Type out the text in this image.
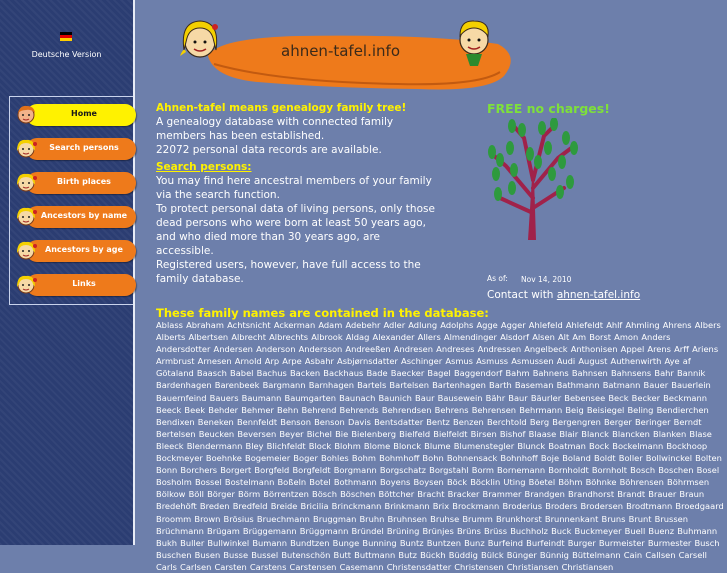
Deutsche Version
Home
Search persons
Birth places
Ancestors by name
Ancestors by age
Links
ahnen-tafel.info
Ahnen-tafel means genealogy family tree!
A genealogy database with connected family members has been established.
22072 personal data records are available.
Search persons:
You may find here ancestral members of your family via the search function.
To protect personal data of living persons, only those dead persons who were born at least 50 years ago, and who died more than 30 years ago, are accessible.
Registered users, however, have full access to the family database.
FREE no charges!
As of: Nov 14, 2010
Contact with ahnen-tafel.info
These family names are contained in the database:
Ablass Abraham Achtsnicht Ackerman Adam Adebehr Adler Adlung Adolphs Agge Agger Ahlefeld Ahlefeldt Ahlf Ahmling Ahrens Albers Alberts Albertsen Albrecht Albrechts Albrook Aldag Alexander Allers Almendinger Alsdorf Alsen Alt Am Borst Amon Anders Andersdotter Andersen Anderson Andersson Andreeßen Andresen Andreses Andressen Angelbeck Anthonisen Appel Arens Arff Ariens Armbrust Arnesen Arnold Arp Arpe Asbahr Asbjørnsdatter Aschinger Asmus Asmuss Asmussen Audi August Authenwirth Aye af Götaland Baasch Babel Bachus Backen Backhaus Bade Baecker Bagel Baggendorf Bahm Bahnens Bahnsen Bahnsens Bahr Bannik Bardenhagen Barenbeek Bargmann Barnhagen Bartels Bartelsen Bartenhagen Barth Baseman Bathmann Batmann Bauer Bauerlein Bauernfeind Bauers Baumann Baumgarten Baunach Baunich Baur Bausewein Bähr Baur Bäurler Bebensee Beck Becker Beckmann Beeck Beek Behder Behmer Behn Behrend Behrends Behrendsen Behrens Behrensen Behrmann Beig Beisiegel Beling Bendierchen Bendixen Beneken Bennfeldt Benson Benson Davis Bentsdatter Bentz Benzen Berchtold Berg Bergengren Berger Beringer Berndt Bertelsen Beucken Beversen Beyer Bichel Bie Bielenberg Bielfeld Bielfeldt Birsen Bishof Blaase Blair Blanck Blancken Blanken Blase Bleeck Blendermann Bley Blichfeldt Block Blohm Blome Blonck Blume Blumenstegler Blunck Boatman Bock Bockelmann Bockhoop Bockmeyer Boehnke Bogemeier Boger Bohles Bohm Bohmhoff Bohn Bohnensack Bohnhoff Boje Boland Boldt Boller Bollwinckel Bolten Bonn Borchers Borgert Borgfeld Borgfeldt Borgmann Borgschatz Borgstahl Borm Bornemann Bornholdt Bornholt Bosch Boschen Bosel Bosholm Bossel Bostelmann Boßeln Botel Bothmann Boyens Boysen Böck Böcklin Uting Böetel Böhm Böhnke Böhrensen Böhrmsen Bölkow Böll Börger Börm Börrentzen Bösch Böschen Böttcher Bracht Bracker Brammer Brandgen Brandhorst Brandt Brauer Braun Bredehöft Breden Bredfeld Breide Bricilia Brinckmann Brinkmann Brix Brockmann Broderius Broders Brodersen Brodtmann Broedgaard Broomm Brown Brösius Bruechmann Bruggman Bruhn Bruhnsen Bruhse Brumm Brunkhorst Brunnenkant Bruns Brunt Brussen Brüchmann Brügam Brüggemann Brüggmann Bründel Brüning Brünjes Brüns Brüss Buchholz Buck Buckmeyer Buell Buenz Buhmann Bukh Buller Bullwinkel Bumann Bundtzen Bunge Bunning Buntz Buntzen Bunz Burfeind Burfeindt Burger Burmeister Burmester Busch Buschen Busen Busse Bussel Butenschön Butt Buttmann Butz Bückh Büddig Bülck Bünger Bünnig Büttelmann Cain Callsen Carsell Carls Carlsen Carsten Carstens Carstensen Casemann Christensdatter Christensen Christiansen Christiansen
